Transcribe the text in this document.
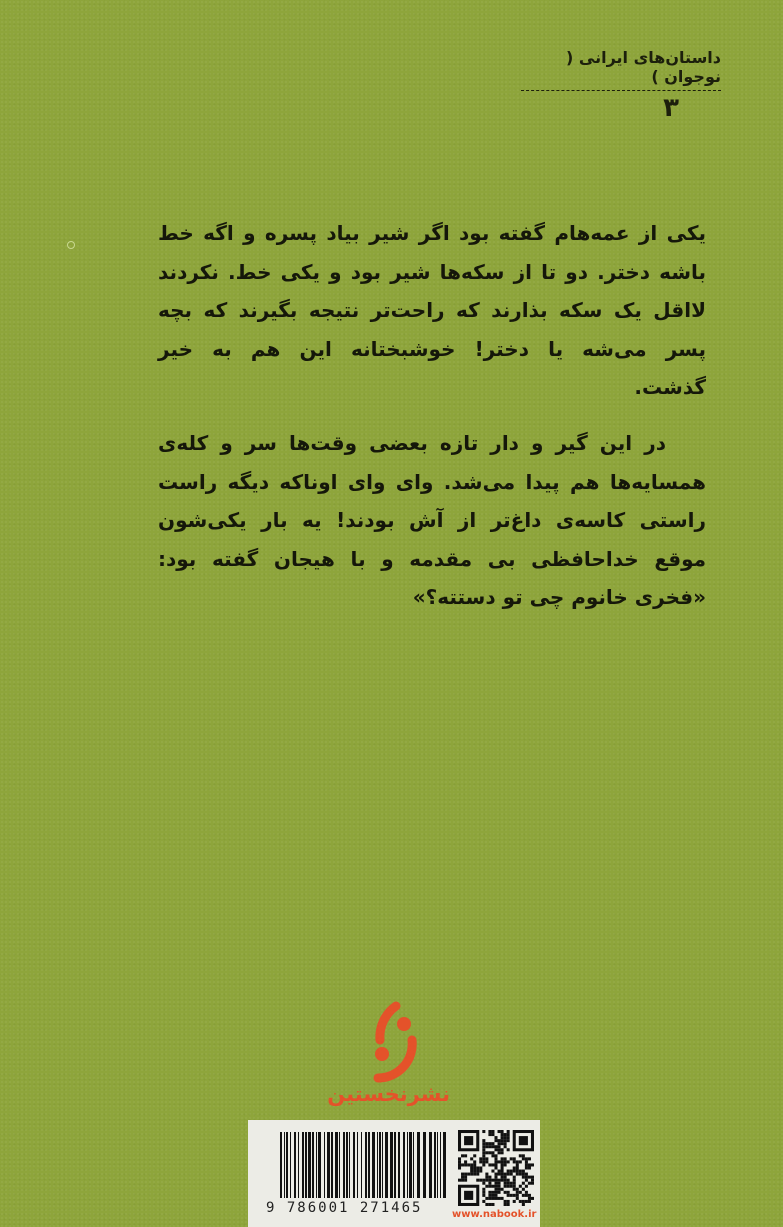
داستان‌های ایرانی ( نوجوان )
۳
یکی از عمه‌هام گفته بود اگر شیر بیاد پسره و اگه خط
باشه دختر. دو تا از سکه‌ها شیر بود و یکی خط. نکردند
لااقل یک سکه بذارند که راحت‌تر نتیجه بگیرند که بچه
پسر می‌شه یا دختر! خوشبختانه این هم به خیر
گذشت.
در این گیر و دار تازه بعضی وقت‌ها سر و کله‌ی
همسایه‌ها هم پیدا می‌شد. وای وای اوناکه دیگه راست
راستی کاسه‌ی داغ‌تر از آش بودند! یه بار یکی‌شون
موقع خداحافظی بی مقدمه و با هیجان گفته بود:
«فخری خانوم چی تو دستته؟»
نشرنخستین
9 786001 271465	www.nabook.ir
